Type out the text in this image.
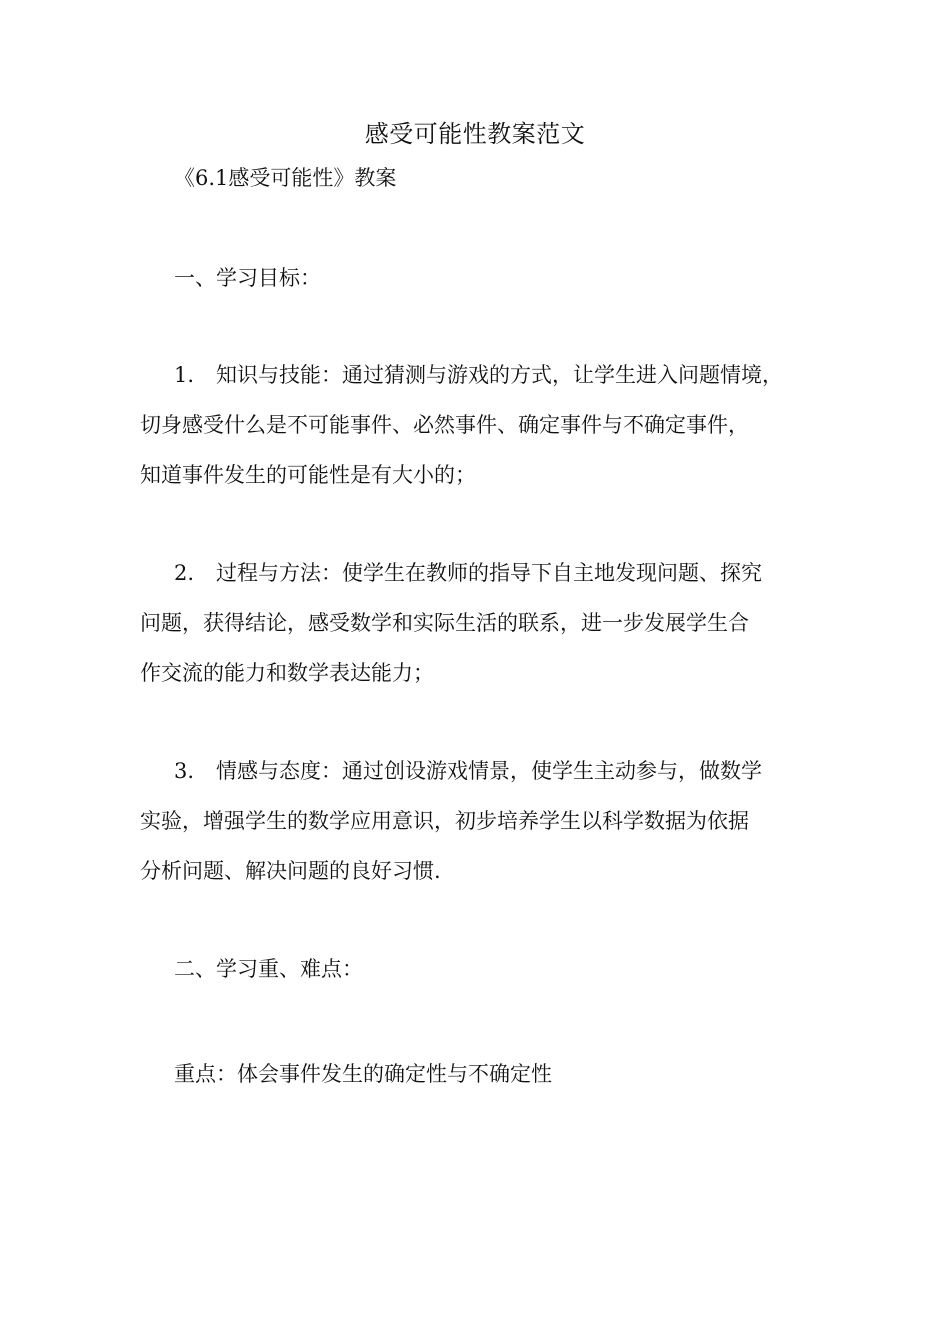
感受可能性教案范文
《6.1感受可能性》教案
一、学习目标：
1. 知识与技能：通过猜测与游戏的方式，让学生进入问题情境，
切身感受什么是不可能事件、必然事件、确定事件与不确定事件，
知道事件发生的可能性是有大小的；
2. 过程与方法：使学生在教师的指导下自主地发现问题、探究
问题，获得结论，感受数学和实际生活的联系，进一步发展学生合
作交流的能力和数学表达能力；
3. 情感与态度：通过创设游戏情景，使学生主动参与，做数学
实验，增强学生的数学应用意识，初步培养学生以科学数据为依据
分析问题、解决问题的良好习惯.
二、学习重、难点：
重点：体会事件发生的确定性与不确定性
